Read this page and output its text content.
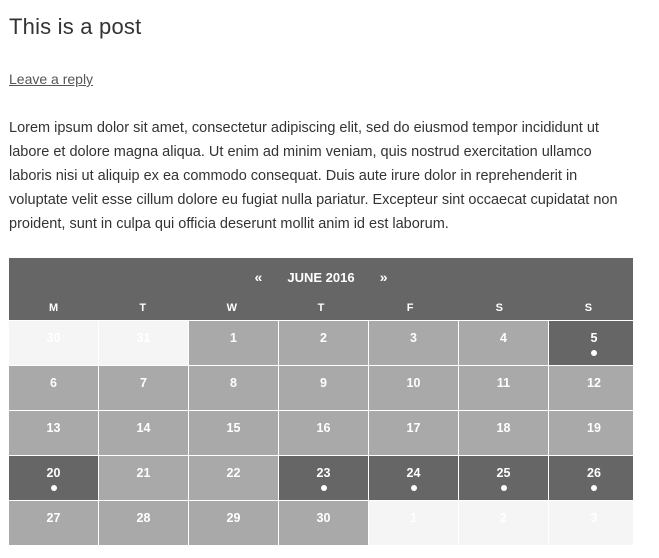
This is a post
Leave a reply

Lorem ipsum dolor sit amet, consectetur adipiscing elit, sed do eiusmod tempor incididunt ut labore et dolore magna aliqua. Ut enim ad minim veniam, quis nostrud exercitation ullamco laboris nisi ut aliquip ex ea commodo consequat. Duis aute irure dolor in reprehenderit in voluptate velit esse cillum dolore eu fugiat nulla pariatur. Excepteur sint occaecat cupidatat non proident, sunt in culpa qui officia deserunt mollit anim id est laborum.

« JUNE 2016 »
M	T	W	T	F	S	S
30	31	1	2	3	4	5
6	7	8	9	10	11	12
13	14	15	16	17	18	19
20	21	22	23	24	25	26
27	28	29	30	1	2	3
